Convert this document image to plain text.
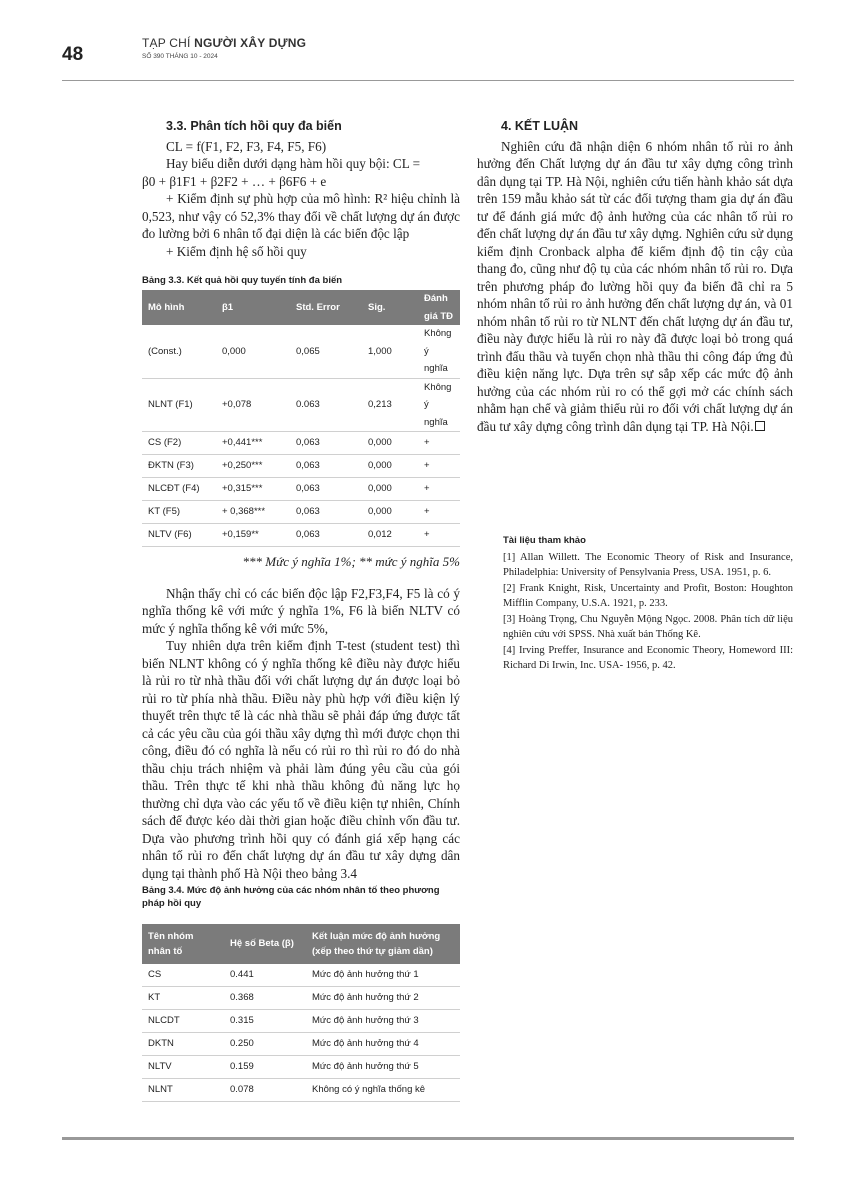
48
TẠP CHÍ NGƯỜI XÂY DỰNG
SỐ 390 THÁNG 10 - 2024
3.3. Phân tích hồi quy đa biến

CL = f(F1, F2, F3, F4, F5, F6)

Hay biểu diễn dưới dạng hàm hồi quy bội: CL =

β0 + β1F1 + β2F2 + … + β6F6 + e

+ Kiểm định sự phù hợp của mô hình: R² hiệu chỉnh là 0,523, như vậy có 52,3% thay đổi về chất lượng dự án được đo lường bởi 6 nhân tố đại diện là các biến độc lập

+ Kiểm định hệ số hồi quy

Bảng 3.3. Kết quả hồi quy tuyến tính đa biến

Mô hình	β1	Std. Error	Sig.	Đánh giá TĐ
(Const.)	0,000	0,065	1,000	Không ý nghĩa
NLNT (F1)	+0,078	0.063	0,213	Không ý nghĩa
CS (F2)	+0,441***	0,063	0,000	+
ĐKTN (F3)	+0,250***	0,063	0,000	+
NLCĐT (F4)	+0,315***	0,063	0,000	+
KT (F5)	+ 0,368***	0,063	0,000	+
NLTV (F6)	+0,159**	0,063	0,012	+

*** Mức ý nghĩa 1%; ** mức ý nghĩa 5%

Nhận thấy chỉ có các biến độc lập F2,F3,F4, F5 là có ý nghĩa thống kê với mức ý nghĩa 1%, F6 là biến NLTV có mức ý nghĩa thống kê với mức 5%,

Tuy nhiên dựa trên kiểm định T-test (student test) thì biến NLNT không có ý nghĩa thống kê điều này được hiểu là rủi ro từ nhà thầu đối với chất lượng dự án được loại bỏ rủi ro từ phía nhà thầu. Điều này phù hợp với điều kiện lý thuyết trên thực tế là các nhà thầu sẽ phải đáp ứng được tất cả các yêu cầu của gói thầu xây dựng thì mới được chọn thi công, điều đó có nghĩa là nếu có rủi ro thì rủi ro đó do nhà thầu chịu trách nhiệm và phải làm đúng yêu cầu của gói thầu. Trên thực tế khi nhà thầu không đủ năng lực họ thường chỉ dựa vào các yếu tố về điều kiện tự nhiên, Chính sách để được kéo dài thời gian hoặc điều chỉnh vốn đầu tư. Dựa vào phương trình hồi quy có đánh giá xếp hạng các nhân tố rủi ro đến chất lượng dự án đầu tư xây dựng dân dụng tại thành phố Hà Nội theo bảng 3.4

Bảng 3.4. Mức độ ảnh hưởng của các nhóm nhân tố theo phương pháp hồi quy

Tên nhóm nhân tố	Hệ số Beta (β)	Kết luận mức độ ảnh hưởng (xếp theo thứ tự giảm dần)
CS	0.441	Mức độ ảnh hưởng thứ 1
KT	0.368	Mức độ ảnh hưởng thứ 2
NLCDT	0.315	Mức độ ảnh hưởng thứ 3
DKTN	0.250	Mức độ ảnh hưởng thứ 4
NLTV	0.159	Mức độ ảnh hưởng thứ 5
NLNT	0.078	Không có ý nghĩa thống kê
4. KẾT LUẬN

Nghiên cứu đã nhận diện 6 nhóm nhân tố rủi ro ảnh hưởng đến Chất lượng dự án đầu tư xây dựng công trình dân dụng tại TP. Hà Nội, nghiên cứu tiến hành khảo sát dựa trên 159 mẫu khảo sát từ các đối tượng tham gia dự án đầu tư để đánh giá mức độ ảnh hưởng của các nhân tố rủi ro đến chất lượng dự án đầu tư xây dựng. Nghiên cứu sử dụng kiểm định Cronback alpha để kiểm định độ tin cậy của thang đo, cũng như độ tụ của các nhóm nhân tố rủi ro. Dựa trên phương pháp đo lường hồi quy đa biến đã chỉ ra 5 nhóm nhân tố rủi ro ảnh hưởng đến chất lượng dự án, và 01 nhóm nhân tố rủi ro từ NLNT đến chất lượng dự án đầu tư, điều này được hiểu là rủi ro này đã được loại bỏ trong quá trình đấu thầu và tuyển chọn nhà thầu thi công đáp ứng đủ điều kiện năng lực. Dựa trên sự sắp xếp các mức độ ảnh hưởng của các nhóm rủi ro có thể gợi mở các chính sách nhằm hạn chế và giảm thiểu rủi ro đối với chất lượng dự án đầu tư xây dựng công trình dân dụng tại TP. Hà Nội.

Tài liệu tham khảo

[1] Allan Willett. The Economic Theory of Risk and Insurance, Philadelphia: University of Pensylvania Press, USA. 1951, p. 6.

[2] Frank Knight, Risk, Uncertainty and Profit, Boston: Houghton Mifflin Company, U.S.A. 1921, p. 233.

[3] Hoàng Trọng, Chu Nguyễn Mộng Ngọc. 2008. Phân tích dữ liệu nghiên cứu với SPSS. Nhà xuất bản Thống Kê.

[4] Irving Preffer, Insurance and Economic Theory, Homeword III: Richard Di Irwin, Inc. USA- 1956, p. 42.
